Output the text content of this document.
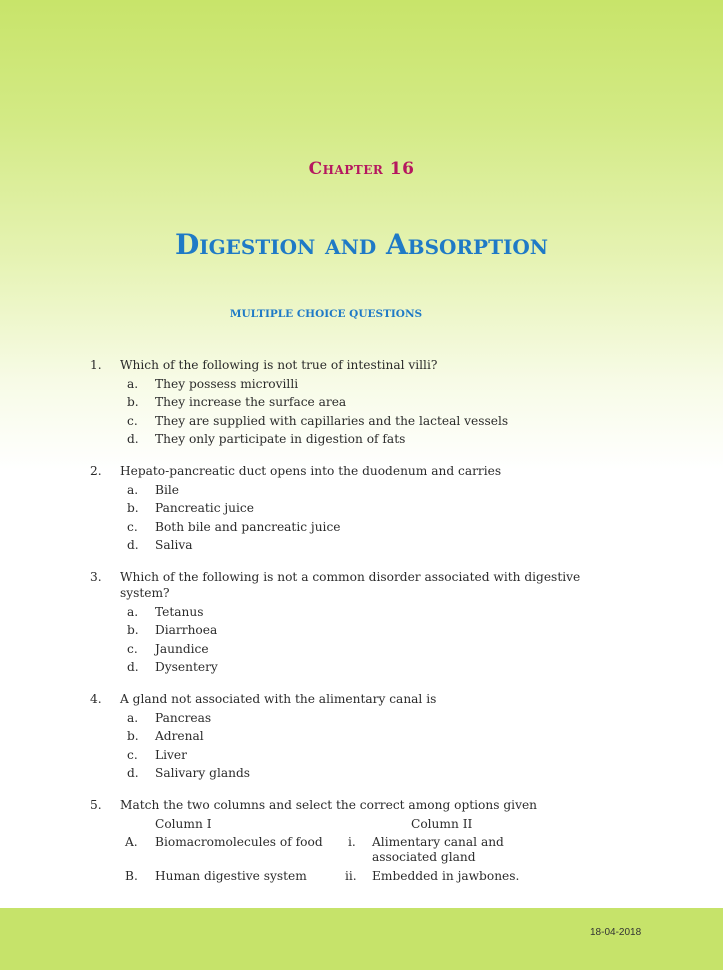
Chapter 16
Digestion and Absorption
MULTIPLE CHOICE QUESTIONS
1. Which of the following is not true of intestinal villi?
a. They possess microvilli
b. They increase the surface area
c. They are supplied with capillaries and the lacteal vessels
d. They only participate in digestion of fats
2. Hepato-pancreatic duct opens into the duodenum and carries
a. Bile
b. Pancreatic juice
c. Both bile and pancreatic juice
d. Saliva
3. Which of the following is not a common disorder associated with digestive
system?
a. Tetanus
b. Diarrhoea
c. Jaundice
d. Dysentery
4. A gland not associated with the alimentary canal is
a. Pancreas
b. Adrenal
c. Liver
d. Salivary glands
5. Match the two columns and select the correct among options given
Column I	Column II
A. Biomacromolecules of food i. Alimentary canal and
associated gland
B. Human digestive system	ii. Embedded in jawbones.
18-04-2018
